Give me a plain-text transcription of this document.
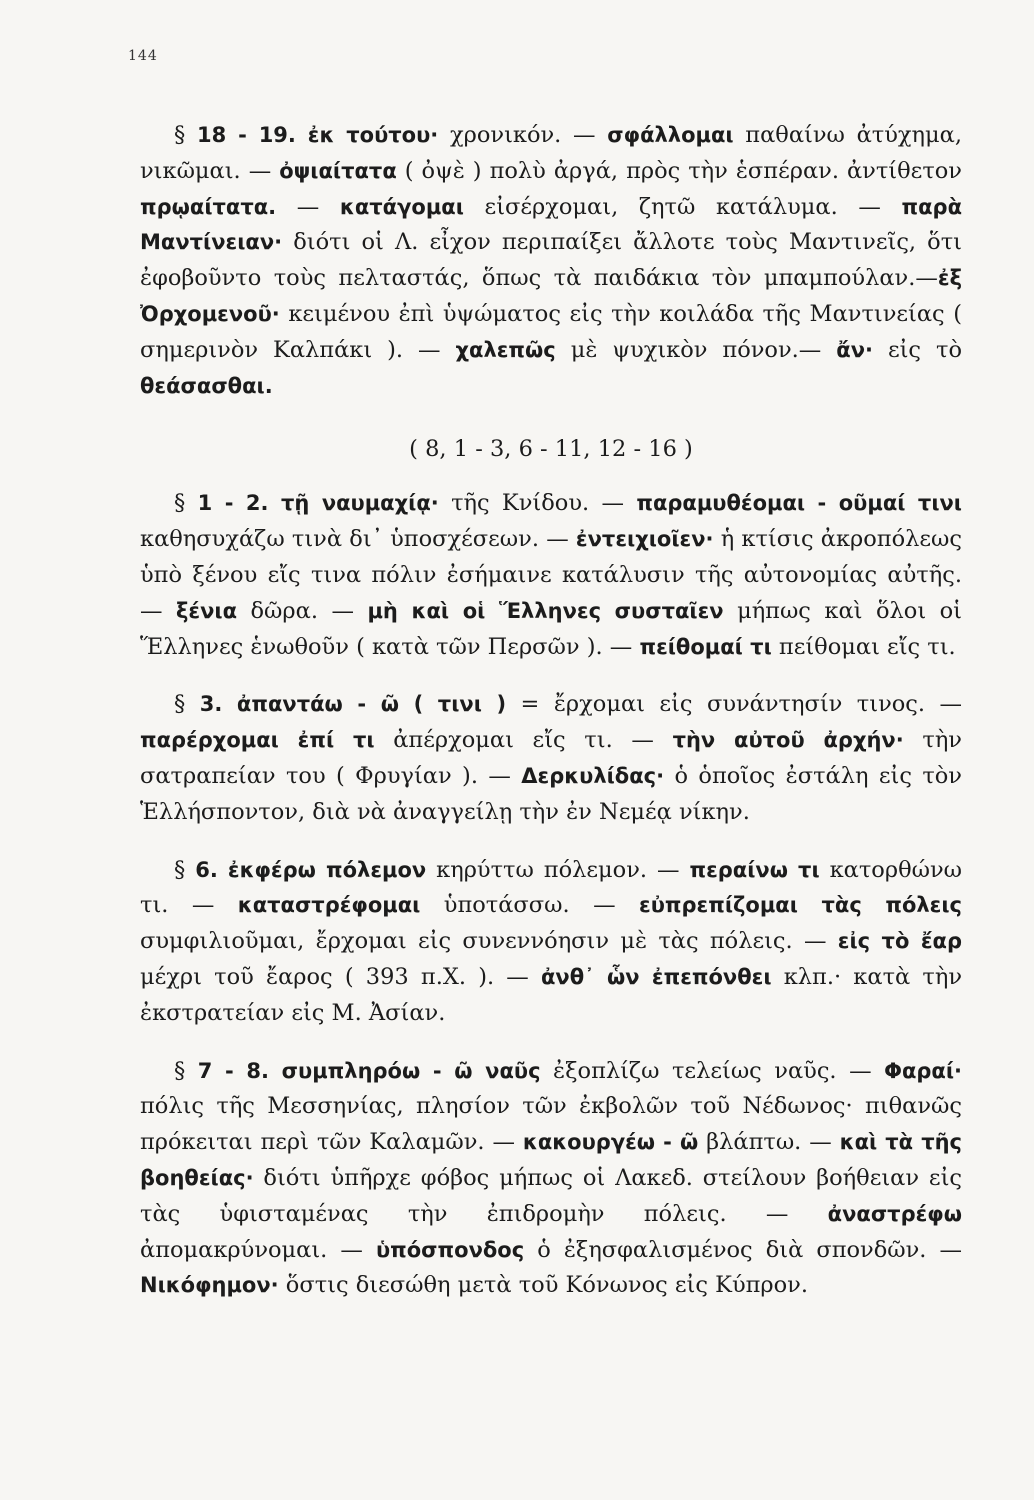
144

§ 18 - 19. ἐκ τούτου· χρονικόν. — σφάλλομαι παθαίνω ἀτύχημα, νικῶμαι. — ὀψιαίτατα ( ὀψὲ ) πολὺ ἀργά, πρὸς τὴν ἑσπέραν. ἀντίθετον πρῳαίτατα. — κατάγομαι εἰσέρχομαι, ζητῶ κατάλυμα. — παρὰ Μαντίνειαν· διότι οἱ Λ. εἶχον περιπαίξει ἄλλοτε τοὺς Μαντινεῖς, ὅτι ἐφοβοῦντο τοὺς πελταστάς, ὅπως τὰ παιδάκια τὸν μπαμπούλαν.—ἐξ Ὀρχομενοῦ· κειμένου ἐπὶ ὑψώματος εἰς τὴν κοιλάδα τῆς Μαντινείας ( σημερινὸν Καλπάκι ). — χαλεπῶς μὲ ψυχικὸν πόνον.— ἄν· εἰς τὸ θεάσασθαι.

( 8, 1 - 3, 6 - 11, 12 - 16 )

§ 1 - 2. τῇ ναυμαχίᾳ· τῆς Κνίδου. — παραμυθέομαι - οῦμαί τινι καθησυχάζω τινὰ δι᾽ ὑποσχέσεων. — ἐντειχιοῖεν· ἡ κτίσις ἀκροπόλεως ὑπὸ ξένου εἴς τινα πόλιν ἐσήμαινε κατάλυσιν τῆς αὐτονομίας αὐτῆς. — ξένια δῶρα. — μὴ καὶ οἱ Ἕλληνες συσταῖεν μήπως καὶ ὅλοι οἱ Ἕλληνες ἑνωθοῦν ( κατὰ τῶν Περσῶν ). — πείθομαί τι πείθομαι εἴς τι.

§ 3. ἀπαντάω - ῶ ( τινι ) = ἔρχομαι εἰς συνάντησίν τινος. — παρέρχομαι ἐπί τι ἀπέρχομαι εἴς τι. — τὴν αὐτοῦ ἀρχήν· τὴν σατραπείαν του ( Φρυγίαν ). — Δερκυλίδας· ὁ ὁποῖος ἐστάλη εἰς τὸν Ἑλλήσποντον, διὰ νὰ ἀναγγείλῃ τὴν ἐν Νεμέᾳ νίκην.

§ 6. ἐκφέρω πόλεμον κηρύττω πόλεμον. — περαίνω τι κατορθώνω τι. — καταστρέφομαι ὑποτάσσω. — εὐπρεπίζομαι τὰς πόλεις συμφιλιοῦμαι, ἔρχομαι εἰς συνεννόησιν μὲ τὰς πόλεις. — εἰς τὸ ἔαρ μέχρι τοῦ ἔαρος ( 393 π.Χ. ). — ἀνθ᾽ ὧν ἐπεπόνθει κλπ.· κατὰ τὴν ἐκστρατείαν εἰς Μ. Ἀσίαν.

§ 7 - 8. συμπληρόω - ῶ ναῦς ἐξοπλίζω τελείως ναῦς. — Φαραί· πόλις τῆς Μεσσηνίας, πλησίον τῶν ἐκβολῶν τοῦ Νέδωνος· πιθανῶς πρόκειται περὶ τῶν Καλαμῶν. — κακουργέω - ῶ βλάπτω. — καὶ τὰ τῆς βοηθείας· διότι ὑπῆρχε φόβος μήπως οἱ Λακεδ. στείλουν βοήθειαν εἰς τὰς ὑφισταμένας τὴν ἐπιδρομὴν πόλεις. — ἀναστρέφω ἀπομακρύνομαι. — ὑπόσπονδος ὁ ἐξησφαλισμένος διὰ σπονδῶν. — Νικόφημον· ὅστις διεσώθη μετὰ τοῦ Κόνωνος εἰς Κύπρον.
